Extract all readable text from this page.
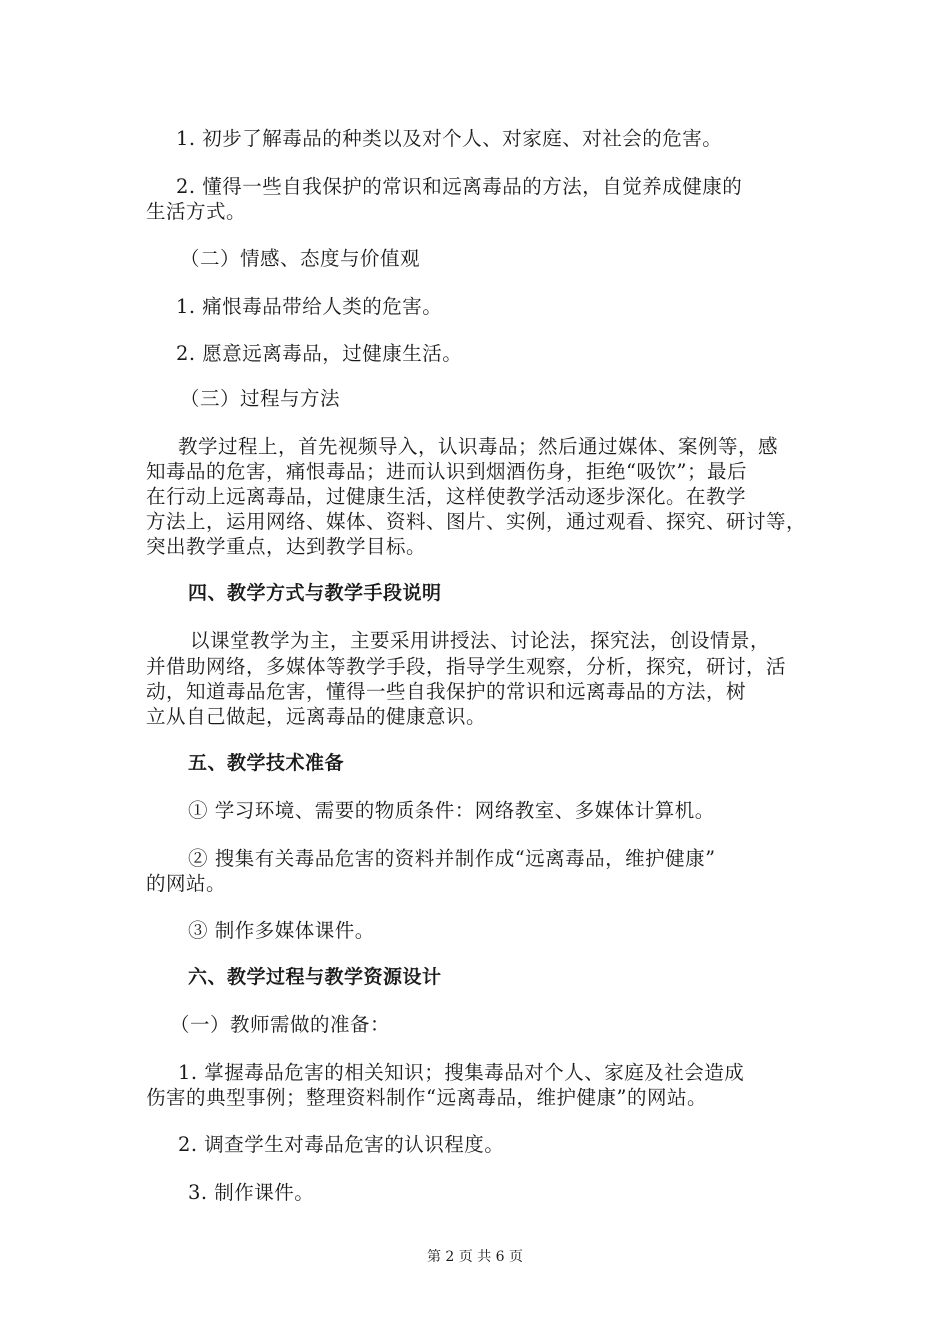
1. 初步了解毒品的种类以及对个人、对家庭、对社会的危害。
2. 懂得一些自我保护的常识和远离毒品的方法，自觉养成健康的
生活方式。
（二）情感、态度与价值观
1. 痛恨毒品带给人类的危害。
2. 愿意远离毒品，过健康生活。
（三）过程与方法
教学过程上，首先视频导入，认识毒品；然后通过媒体、案例等，感
知毒品的危害，痛恨毒品；进而认识到烟酒伤身，拒绝“吸饮”；最后
在行动上远离毒品，过健康生活，这样使教学活动逐步深化。在教学
方法上，运用网络、媒体、资料、图片、实例，通过观看、探究、研讨等，
突出教学重点，达到教学目标。
四、教学方式与教学手段说明
以课堂教学为主，主要采用讲授法、讨论法，探究法，创设情景，
并借助网络，多媒体等教学手段，指导学生观察，分析，探究，研讨，活
动，知道毒品危害，懂得一些自我保护的常识和远离毒品的方法，树
立从自己做起，远离毒品的健康意识。
五、教学技术准备
① 学习环境、需要的物质条件：网络教室、多媒体计算机。
② 搜集有关毒品危害的资料并制作成“远离毒品，维护健康”
的网站。
③ 制作多媒体课件。
六、教学过程与教学资源设计
（一）教师需做的准备：
1. 掌握毒品危害的相关知识；搜集毒品对个人、家庭及社会造成
伤害的典型事例；整理资料制作“远离毒品，维护健康”的网站。
2. 调查学生对毒品危害的认识程度。
3. 制作课件。
第 2 页 共 6 页
